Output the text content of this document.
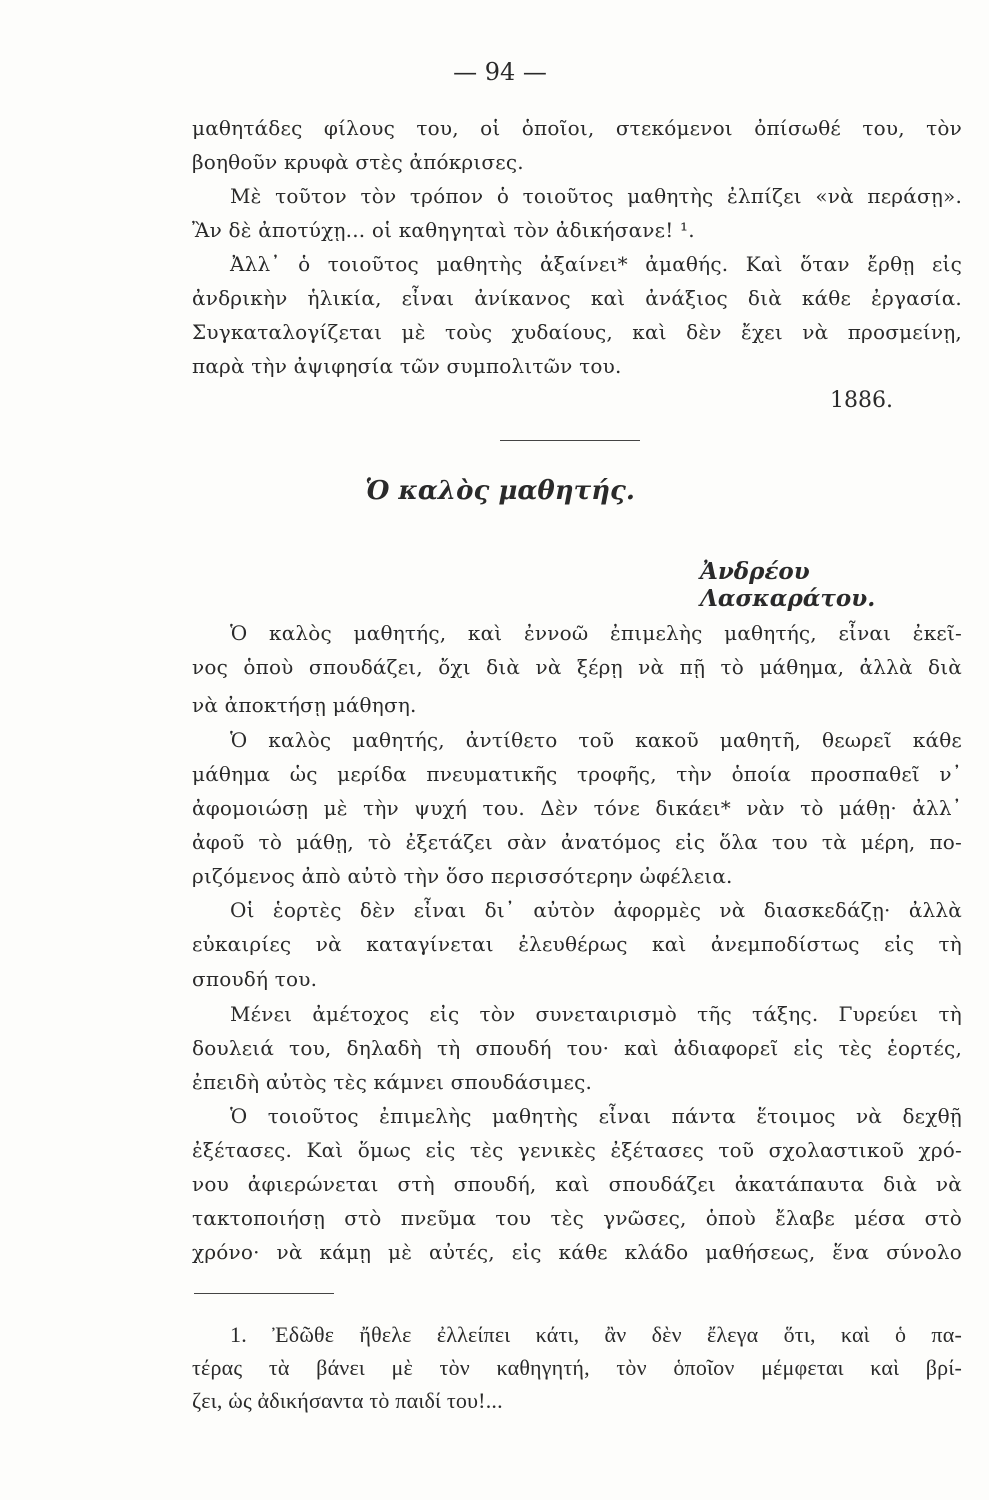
— 94 —
μαθητάδες φίλους του, οἱ ὁποῖοι, στεκόμενοι ὀπίσωθέ του, τὸν
βοηθοῦν κρυφὰ στὲς ἀπόκρισες.
Μὲ τοῦτον τὸν τρόπον ὁ τοιοῦτος μαθητὴς ἐλπίζει «νὰ περάσῃ».
Ἂν δὲ ἀποτύχῃ... οἱ καθηγηταὶ τὸν ἀδικήσανε! ¹.
Ἀλλ᾽ ὁ τοιοῦτος μαθητὴς ἀξαίνει* ἀμαθής. Καὶ ὅταν ἔρθῃ εἰς
ἀνδρικὴν ἡλικία, εἶναι ἀνίκανος καὶ ἀνάξιος διὰ κάθε ἐργασία.
Συγκαταλογίζεται μὲ τοὺς χυδαίους, καὶ δὲν ἔχει νὰ προσμείνῃ,
παρὰ τὴν ἀψιφησία τῶν συμπολιτῶν του.
1886.
Ὁ καλὸς μαθητής.
Ἀνδρέου Λασκαράτου.
Ὁ καλὸς μαθητής, καὶ ἐννοῶ ἐπιμελὴς μαθητής, εἶναι ἐκεῖ-
νος ὁποὺ σπουδάζει, ὄχι διὰ νὰ ξέρῃ νὰ πῇ τὸ μάθημα, ἀλλὰ διὰ
νὰ ἀποκτήσῃ μάθηση.
Ὁ καλὸς μαθητής, ἀντίθετο τοῦ κακοῦ μαθητῆ, θεωρεῖ κάθε
μάθημα ὡς μερίδα πνευματικῆς τροφῆς, τὴν ὁποία προσπαθεῖ ν᾽
ἀφομοιώσῃ μὲ τὴν ψυχή του. Δὲν τόνε δικάει* νὰν τὸ μάθῃ· ἀλλ᾽
ἀφοῦ τὸ μάθῃ, τὸ ἐξετάζει σὰν ἀνατόμος εἰς ὅλα του τὰ μέρη, πο-
ριζόμενος ἀπὸ αὐτὸ τὴν ὅσο περισσότερην ὠφέλεια.
Οἱ ἑορτὲς δὲν εἶναι δι᾽ αὐτὸν ἀφορμὲς νὰ διασκεδάζῃ· ἀλλὰ
εὐκαιρίες νὰ καταγίνεται ἐλευθέρως καὶ ἀνεμποδίστως εἰς τὴ
σπουδή του.
Μένει ἀμέτοχος εἰς τὸν συνεταιρισμὸ τῆς τάξης. Γυρεύει τὴ
δουλειά του, δηλαδὴ τὴ σπουδή του· καὶ ἀδιαφορεῖ εἰς τὲς ἑορτές,
ἐπειδὴ αὐτὸς τὲς κάμνει σπουδάσιμες.
Ὁ τοιοῦτος ἐπιμελὴς μαθητὴς εἶναι πάντα ἕτοιμος νὰ δεχθῇ
ἐξέτασες. Καὶ ὅμως εἰς τὲς γενικὲς ἐξέτασες τοῦ σχολαστικοῦ χρό-
νου ἀφιερώνεται στὴ σπουδή, καὶ σπουδάζει ἀκατάπαυτα διὰ νὰ
τακτοποιήσῃ στὸ πνεῦμα του τὲς γνῶσες, ὁποὺ ἔλαβε μέσα στὸ
χρόνο· νὰ κάμῃ μὲ αὐτές, εἰς κάθε κλάδο μαθήσεως, ἕνα σύνολο
1. Ἐδῶθε ἤθελε ἐλλείπει κάτι, ἂν δὲν ἔλεγα ὅτι, καὶ ὁ πα-
τέρας τὰ βάνει μὲ τὸν καθηγητή, τὸν ὁποῖον μέμφεται καὶ βρί-
ζει, ὡς ἀδικήσαντα τὸ παιδί του!...
